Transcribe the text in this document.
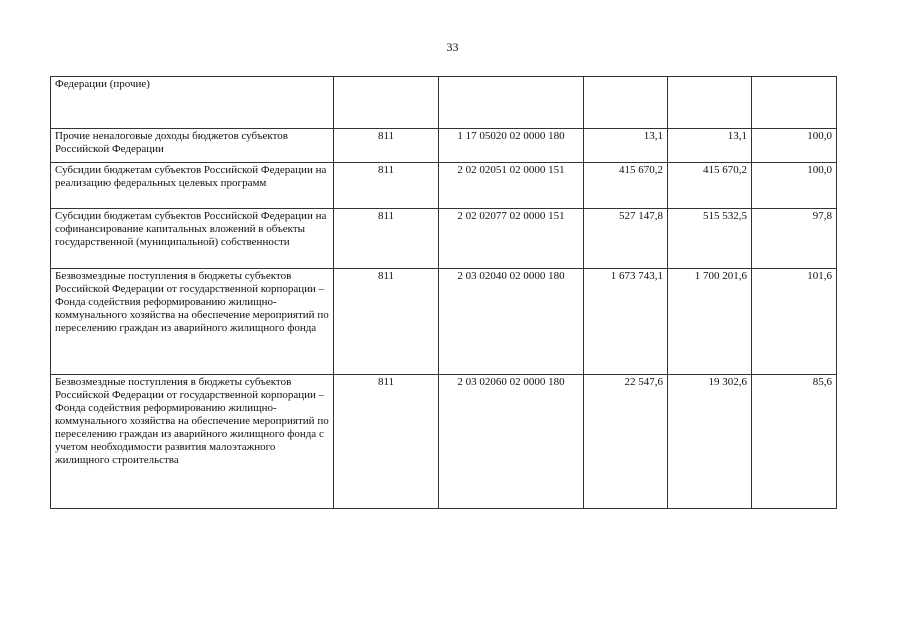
33
Федерации (прочие)					
Прочие неналоговые доходы бюджетов субъектов Российской Федерации	811	1 17 05020 02 0000 180	13,1	13,1	100,0
Субсидии бюджетам субъектов Российской Федерации на реализацию федеральных целевых программ	811	2 02 02051 02 0000 151	415 670,2	415 670,2	100,0
Субсидии бюджетам субъектов Российской Федерации на софинансирование капитальных вложений в объекты государственной (муниципальной) собственности	811	2 02 02077 02 0000 151	527 147,8	515 532,5	97,8
Безвозмездные поступления в бюджеты субъектов Российской Федерации от государственной корпорации – Фонда содействия реформированию жилищно-коммунального хозяйства на обеспечение мероприятий по переселению граждан из аварийного жилищного фонда	811	2 03 02040 02 0000 180	1 673 743,1	1 700 201,6	101,6
Безвозмездные поступления в бюджеты субъектов Российской Федерации от государственной корпорации – Фонда содействия реформированию жилищно-коммунального хозяйства на обеспечение мероприятий по переселению граждан из аварийного жилищного фонда с учетом необходимости развития малоэтажного жилищного строительства	811	2 03 02060 02 0000 180	22 547,6	19 302,6	85,6
